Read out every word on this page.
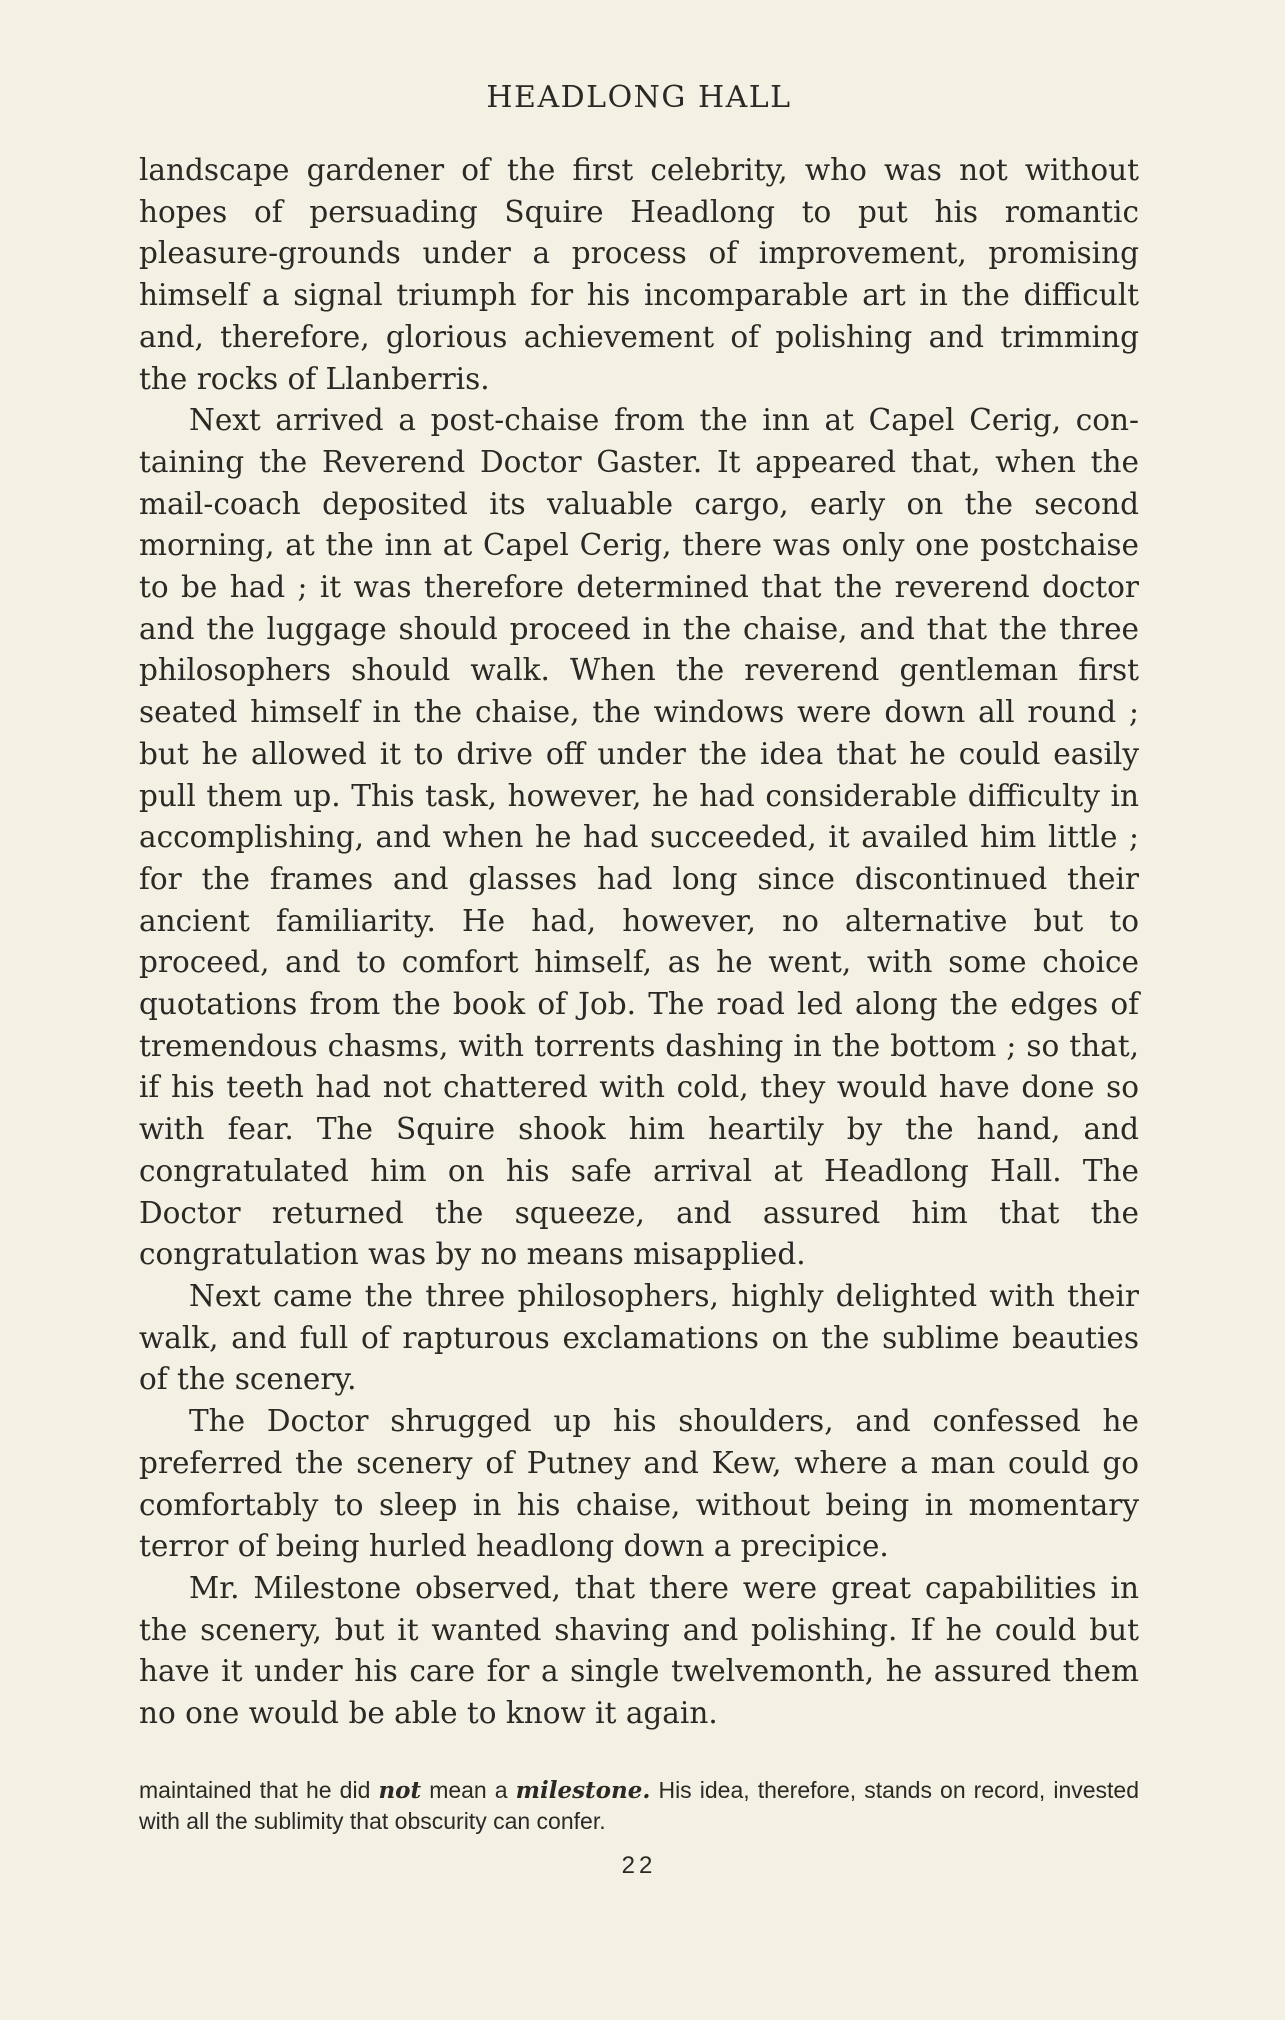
HEADLONG HALL

landscape gardener of the first celebrity, who was not without hopes of persuading Squire Headlong to put his romantic pleasure-grounds under a process of improvement, promising himself a signal triumph for his incomparable art in the difficult and, therefore, glorious achievement of polishing and trimming the rocks of Llanberris.

Next arrived a post-chaise from the inn at Capel Cerig, containing the Reverend Doctor Gaster. It appeared that, when the mail-coach deposited its valuable cargo, early on the second morning, at the inn at Capel Cerig, there was only one postchaise to be had ; it was therefore determined that the reverend doctor and the luggage should proceed in the chaise, and that the three philosophers should walk. When the reverend gentleman first seated himself in the chaise, the windows were down all round ; but he allowed it to drive off under the idea that he could easily pull them up. This task, however, he had considerable difficulty in accomplishing, and when he had succeeded, it availed him little ; for the frames and glasses had long since discontinued their ancient familiarity. He had, however, no alternative but to proceed, and to comfort himself, as he went, with some choice quotations from the book of Job. The road led along the edges of tremendous chasms, with torrents dashing in the bottom ; so that, if his teeth had not chattered with cold, they would have done so with fear. The Squire shook him heartily by the hand, and congratulated him on his safe arrival at Headlong Hall. The Doctor returned the squeeze, and assured him that the congratulation was by no means misapplied.

Next came the three philosophers, highly delighted with their walk, and full of rapturous exclamations on the sublime beauties of the scenery.

The Doctor shrugged up his shoulders, and confessed he preferred the scenery of Putney and Kew, where a man could go comfortably to sleep in his chaise, without being in momentary terror of being hurled headlong down a precipice.

Mr. Milestone observed, that there were great capabilities in the scenery, but it wanted shaving and polishing. If he could but have it under his care for a single twelvemonth, he assured them no one would be able to know it again.

maintained that he did not mean a milestone. His idea, therefore, stands on record, invested with all the sublimity that obscurity can confer.

22
